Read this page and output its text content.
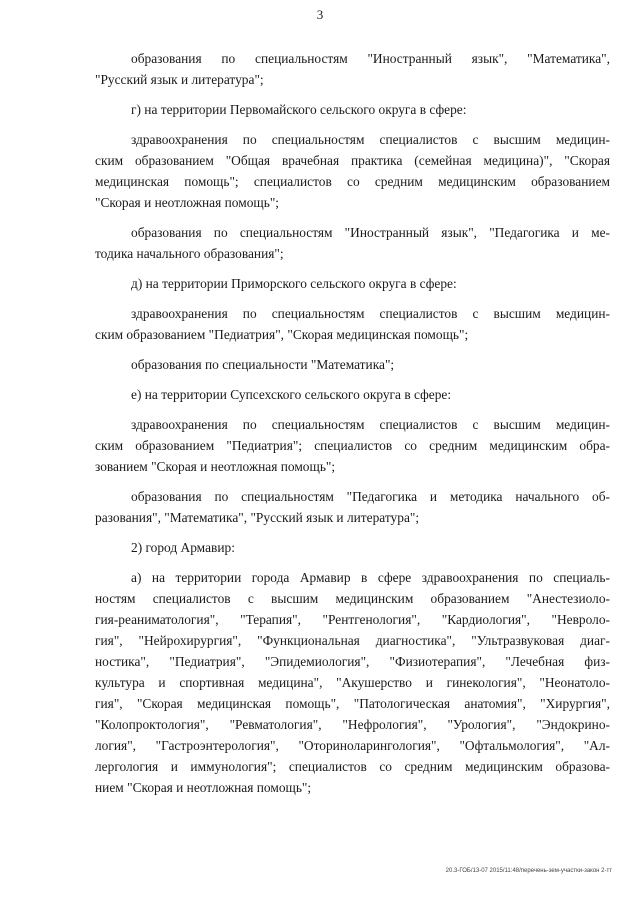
3
образования по специальностям "Иностранный язык", "Математика",
"Русский язык и литература";
г) на территории Первомайского сельского округа в сфере:
здравоохранения по специальностям специалистов с высшим медицин-
ским образованием "Общая врачебная практика (семейная медицина)", "Скорая
медицинская помощь"; специалистов со средним медицинским образованием
"Скорая и неотложная помощь";
образования по специальностям "Иностранный язык", "Педагогика и ме-
тодика начального образования";
д) на территории Приморского сельского округа в сфере:
здравоохранения по специальностям специалистов с высшим медицин-
ским образованием "Педиатрия", "Скорая медицинская помощь";
образования по специальности "Математика";
е) на территории Супсехского сельского округа в сфере:
здравоохранения по специальностям специалистов с высшим медицин-
ским образованием "Педиатрия"; специалистов со средним медицинским обра-
зованием "Скорая и неотложная помощь";
образования по специальностям "Педагогика и методика начального об-
разования", "Математика", "Русский язык и литература";
2) город Армавир:
а) на территории города Армавир в сфере здравоохранения по специаль-
ностям специалистов с высшим медицинским образованием "Анестезиоло-
гия-реаниматология", "Терапия", "Рентгенология", "Кардиология", "Невроло-
гия", "Нейрохирургия", "Функциональная диагностика", "Ультразвуковая диаг-
ностика", "Педиатрия", "Эпидемиология", "Физиотерапия", "Лечебная физ-
культура и спортивная медицина", "Акушерство и гинекология", "Неонатоло-
гия", "Скорая медицинская помощь", "Патологическая анатомия", "Хирургия",
"Колопроктология", "Ревматология", "Нефрология", "Урология", "Эндокрино-
логия", "Гастроэнтерология", "Оториноларингология", "Офтальмология", "Ал-
лергология и иммунология"; специалистов со средним медицинским образова-
нием "Скорая и неотложная помощь";
20.3-ГОБ/13-07 2015/11:48/перечень-зем-участки-закон 2-тт
